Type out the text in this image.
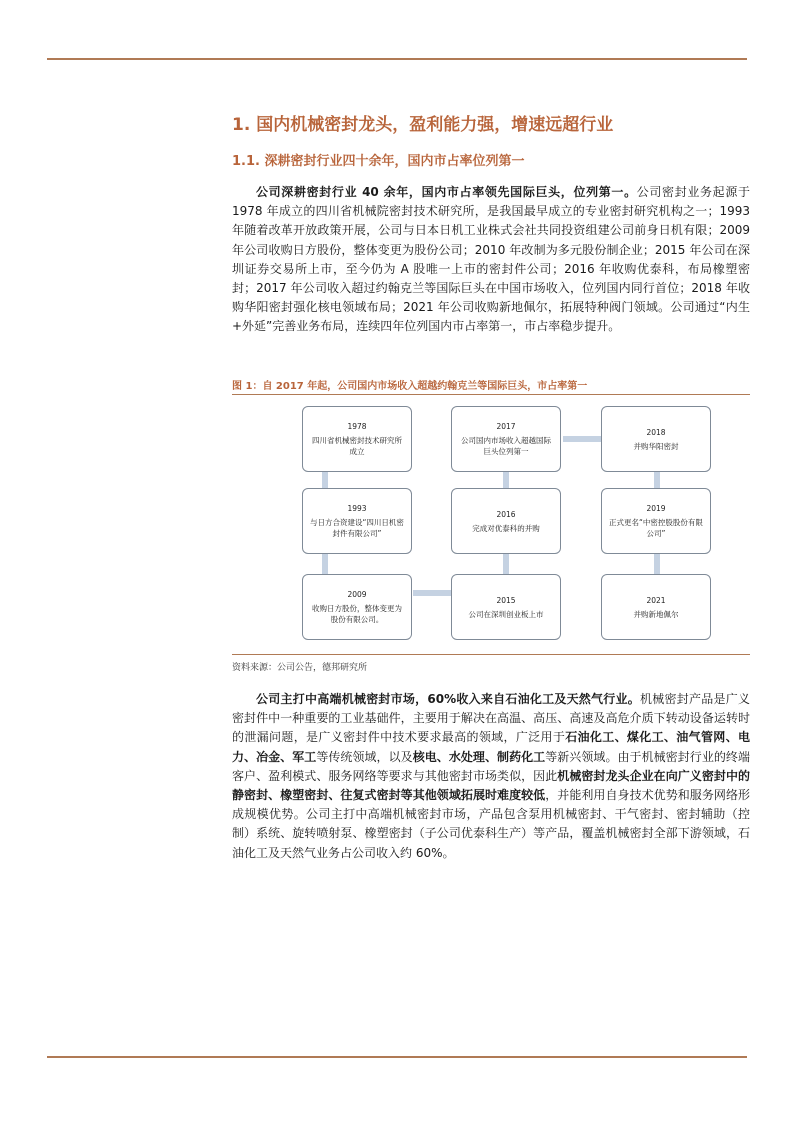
1. 国内机械密封龙头，盈利能力强，增速远超行业
1.1. 深耕密封行业四十余年，国内市占率位列第一

公司深耕密封行业 40 余年，国内市占率领先国际巨头，位列第一。公司密封业务起源于 1978 年成立的四川省机械院密封技术研究所，是我国最早成立的专业密封研究机构之一；1993 年随着改革开放政策开展，公司与日本日机工业株式会社共同投资组建公司前身日机有限；2009 年公司收购日方股份，整体变更为股份公司；2010 年改制为多元股份制企业；2015 年公司在深圳证券交易所上市，至今仍为 A 股唯一上市的密封件公司；2016 年收购优泰科，布局橡塑密封；2017 年公司收入超过约翰克兰等国际巨头在中国市场收入，位列国内同行首位；2018 年收购华阳密封强化核电领域布局；2021 年公司收购新地佩尔，拓展特种阀门领域。公司通过“内生+外延”完善业务布局，连续四年位列国内市占率第一，市占率稳步提升。

图 1：自 2017 年起，公司国内市场收入超越约翰克兰等国际巨头，市占率第一
1978
四川省机械密封技术研究所成立
1993
与日方合资建设“四川日机密封件有限公司”
2009
收购日方股份，整体变更为股份有限公司。
2015
公司在深圳创业板上市
2016
完成对优泰科的并购
2017
公司国内市场收入超越国际巨头位列第一
2018
并购华阳密封
2019
正式更名“中密控股股份有限公司”
2021
并购新地佩尔
资料来源：公司公告，德邦研究所

公司主打中高端机械密封市场，60%收入来自石油化工及天然气行业。机械密封产品是广义密封件中一种重要的工业基础件，主要用于解决在高温、高压、高速及高危介质下转动设备运转时的泄漏问题，是广义密封件中技术要求最高的领域，广泛用于石油化工、煤化工、油气管网、电力、冶金、军工等传统领域，以及核电、水处理、制药化工等新兴领域。由于机械密封行业的终端客户、盈利模式、服务网络等要求与其他密封市场类似，因此机械密封龙头企业在向广义密封中的静密封、橡塑密封、往复式密封等其他领域拓展时难度较低，并能利用自身技术优势和服务网络形成规模优势。公司主打中高端机械密封市场，产品包含泵用机械密封、干气密封、密封辅助（控制）系统、旋转喷射泵、橡塑密封（子公司优泰科生产）等产品，覆盖机械密封全部下游领域，石油化工及天然气业务占公司收入约 60%。
